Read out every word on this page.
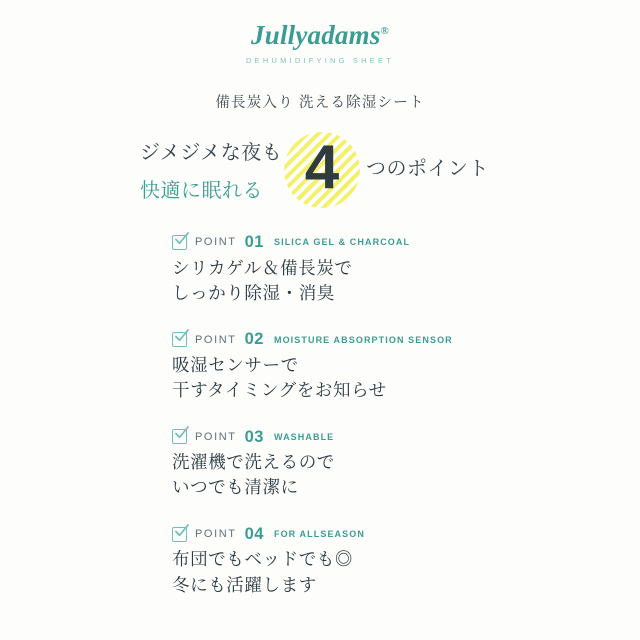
Jullyadams®
DEHUMIDIFYING SHEET
備長炭入り 洗える除湿シート
ジメジメな夜も
快適に眠れる 4	つのポイント
POINT 01 SILICA GEL & CHARCOAL
シリカゲル＆備長炭で
しっかり除湿・消臭
POINT 02 MOISTURE ABSORPTION SENSOR
吸湿センサーで
干すタイミングをお知らせ
POINT 03 WASHABLE
洗濯機で洗えるので
いつでも清潔に
POINT 04 FOR ALLSEASON
布団でもベッドでも◎
冬にも活躍します
